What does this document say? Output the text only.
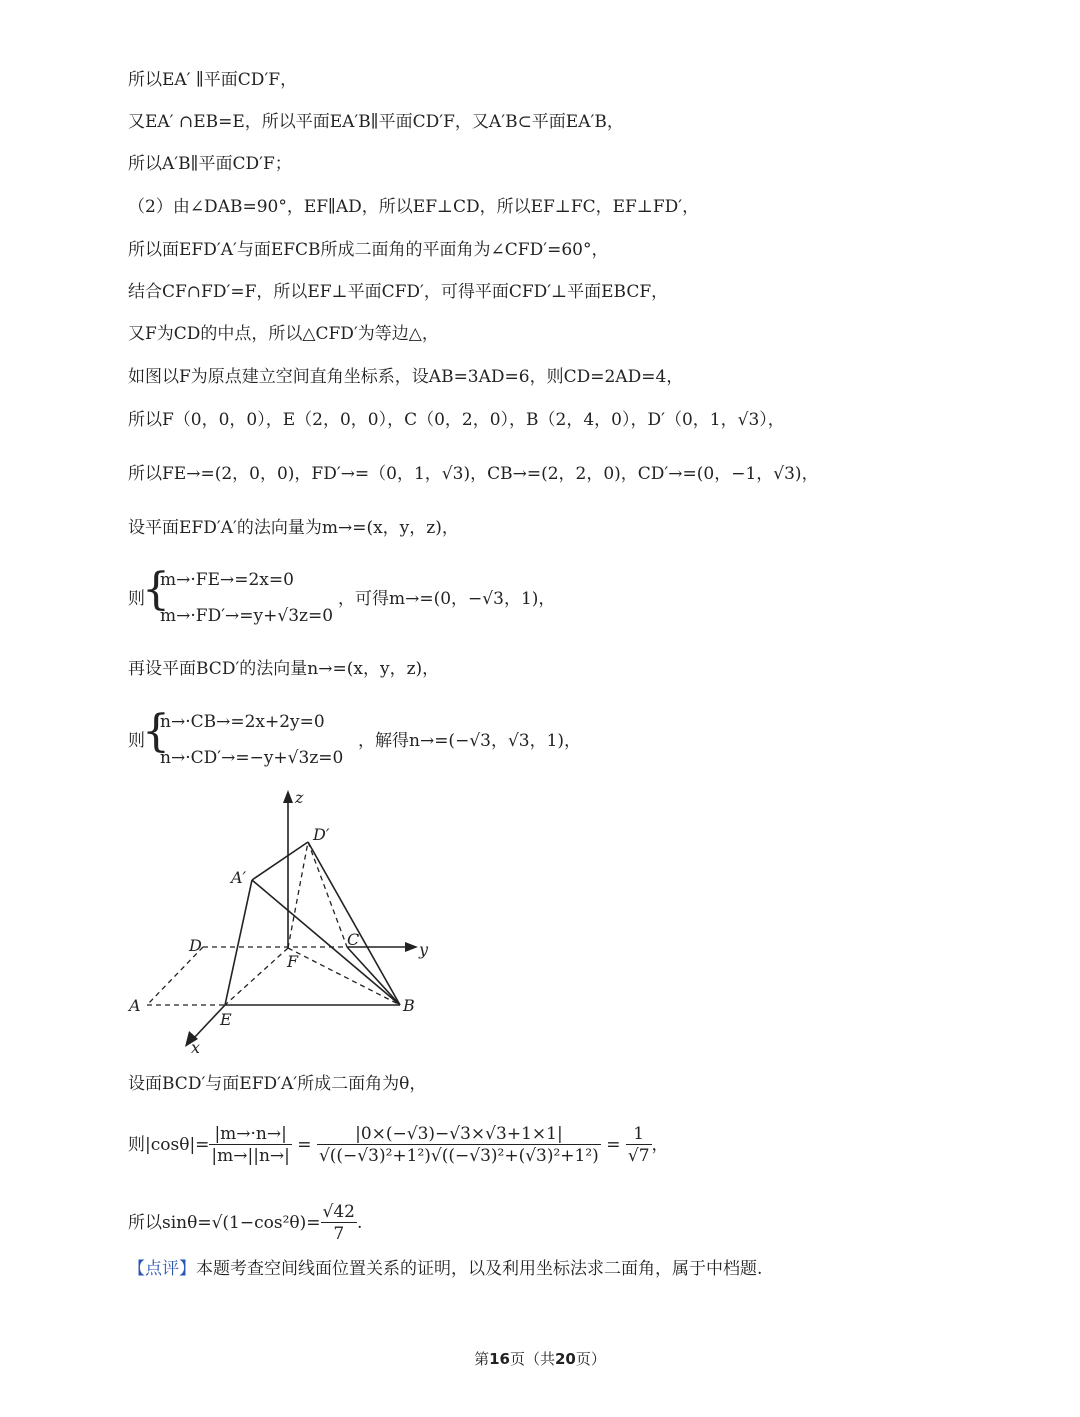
所以EA′ ∥平面CD′F，
又EA′ ∩EB=E，所以平面EA′B∥平面CD′F，又A′B⊂平面EA′B，
所以A′B∥平面CD′F；
（2）由∠DAB=90°，EF∥AD，所以EF⊥CD，所以EF⊥FC，EF⊥FD′，
所以面EFD′A′与面EFCB所成二面角的平面角为∠CFD′=60°，
结合CF∩FD′=F，所以EF⊥平面CFD′，可得平面CFD′⊥平面EBCF，
又F为CD的中点，所以△CFD′为等边△，
如图以F为原点建立空间直角坐标系，设AB=3AD=6，则CD=2AD=4，
所以F（0，0，0），E（2，0，0），C（0，2，0），B（2，4，0），D′（0，1，√3），
所以FE→=(2，0，0)，FD′→=（0，1，√3)，CB→=(2，2，0)，CD′→=(0，−1，√3)，
设平面EFD′A′的法向量为m→=(x，y，z)，
则
{
m→·FE→=2x=0
m→·FD′→=y+√3z=0
，可得m→=(0，−√3，1)，
再设平面BCD′的法向量n→=(x，y，z)，
则
{
n→·CB→=2x+2y=0
n→·CD′→=−y+√3z=0
，解得n→=(−√3，√3，1)，
z
y
x
D′
A′
D	C
F
A
E
B
设面BCD′与面EFD′A′所成二面角为θ，
则$|\cos\theta|= \frac{|m\to\cdot n\to|}{|m\to||n\to|} = \frac{|0\times(-√3)-√3\times√3+1\times 1|}{\text{√((−√3)²+1²)√((−√3)²+(√3)²+1²)}} = \frac{1}{√7}$ ，
所以$\sin\theta=√(1-\cos^2\theta)= \frac{√42}{7}$ .
【点评】本题考查空间线面位置关系的证明，以及利用坐标法求二面角，属于中档题.
第16页（共20页）
